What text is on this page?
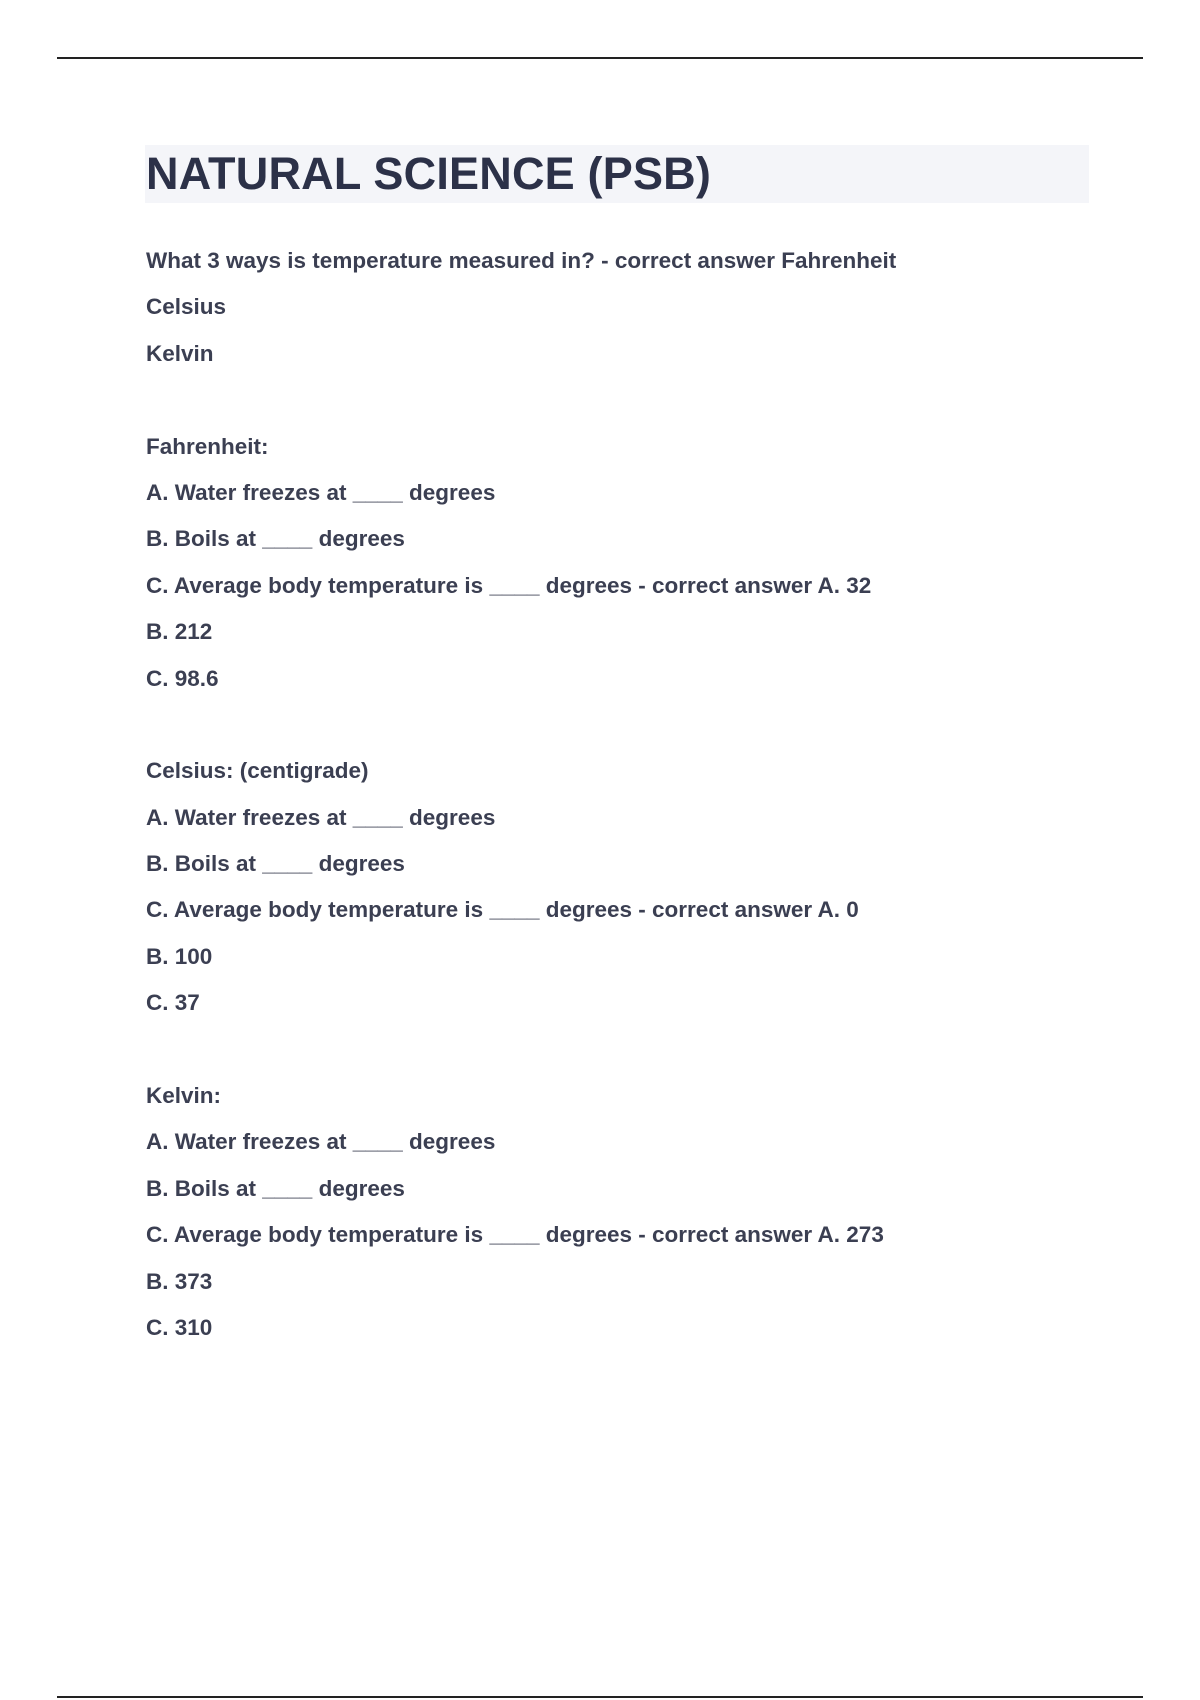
NATURAL SCIENCE (PSB)
What 3 ways is temperature measured in? - correct answer Fahrenheit
Celsius
Kelvin
Fahrenheit:
A. Water freezes at ____ degrees
B. Boils at ____ degrees
C. Average body temperature is ____ degrees - correct answer A. 32
B. 212
C. 98.6
Celsius: (centigrade)
A. Water freezes at ____ degrees
B. Boils at ____ degrees
C. Average body temperature is ____ degrees - correct answer A. 0
B. 100
C. 37
Kelvin:
A. Water freezes at ____ degrees
B. Boils at ____ degrees
C. Average body temperature is ____ degrees - correct answer A. 273
B. 373
C. 310
